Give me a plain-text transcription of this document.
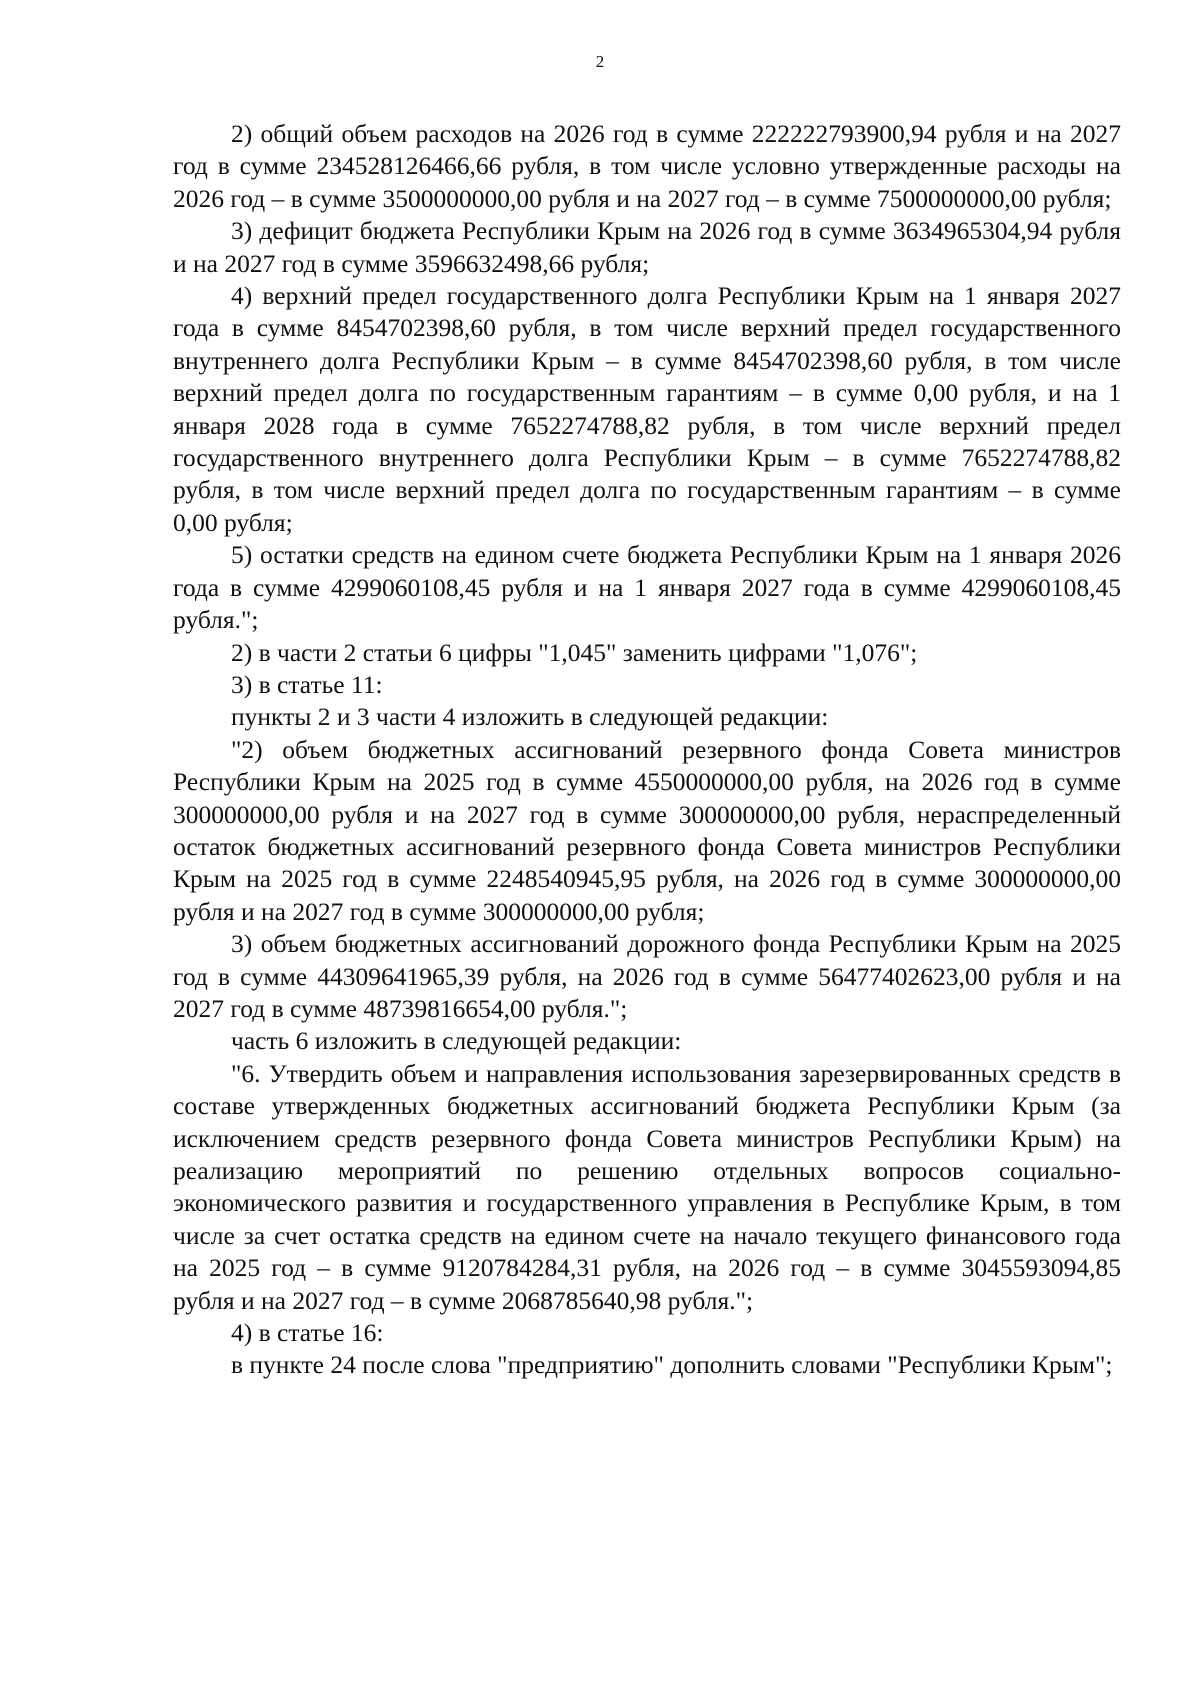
2

2) общий объем расходов на 2026 год в сумме 222222793900,94 рубля и на 2027 год в сумме 234528126466,66 рубля, в том числе условно утвержденные расходы на 2026 год – в сумме 3500000000,00 рубля и на 2027 год – в сумме 7500000000,00 рубля;

3) дефицит бюджета Республики Крым на 2026 год в сумме 3634965304,94 рубля и на 2027 год в сумме 3596632498,66 рубля;

4) верхний предел государственного долга Республики Крым на 1 января 2027 года в сумме 8454702398,60 рубля, в том числе верхний предел государственного внутреннего долга Республики Крым – в сумме 8454702398,60 рубля, в том числе верхний предел долга по государственным гарантиям – в сумме 0,00 рубля, и на 1 января 2028 года в сумме 7652274788,82 рубля, в том числе верхний предел государственного внутреннего долга Республики Крым – в сумме 7652274788,82 рубля, в том числе верхний предел долга по государственным гарантиям – в сумме 0,00 рубля;

5) остатки средств на едином счете бюджета Республики Крым на 1 января 2026 года в сумме 4299060108,45 рубля и на 1 января 2027 года в сумме 4299060108,45 рубля.";

2) в части 2 статьи 6 цифры "1,045" заменить цифрами "1,076";

3) в статье 11:

пункты 2 и 3 части 4 изложить в следующей редакции:

"2) объем бюджетных ассигнований резервного фонда Совета министров Республики Крым на 2025 год в сумме 4550000000,00 рубля, на 2026 год в сумме 300000000,00 рубля и на 2027 год в сумме 300000000,00 рубля, нераспределенный остаток бюджетных ассигнований резервного фонда Совета министров Республики Крым на 2025 год в сумме 2248540945,95 рубля, на 2026 год в сумме 300000000,00 рубля и на 2027 год в сумме 300000000,00 рубля;

3) объем бюджетных ассигнований дорожного фонда Республики Крым на 2025 год в сумме 44309641965,39 рубля, на 2026 год в сумме 56477402623,00 рубля и на 2027 год в сумме 48739816654,00 рубля.";

часть 6 изложить в следующей редакции:

"6. Утвердить объем и направления использования зарезервированных средств в составе утвержденных бюджетных ассигнований бюджета Республики Крым (за исключением средств резервного фонда Совета министров Республики Крым) на реализацию мероприятий по решению отдельных вопросов социально-экономического развития и государственного управления в Республике Крым, в том числе за счет остатка средств на едином счете на начало текущего финансового года на 2025 год – в сумме 9120784284,31 рубля, на 2026 год – в сумме 3045593094,85 рубля и на 2027 год – в сумме 2068785640,98 рубля.";

4) в статье 16:

в пункте 24 после слова "предприятию" дополнить словами "Республики Крым";
